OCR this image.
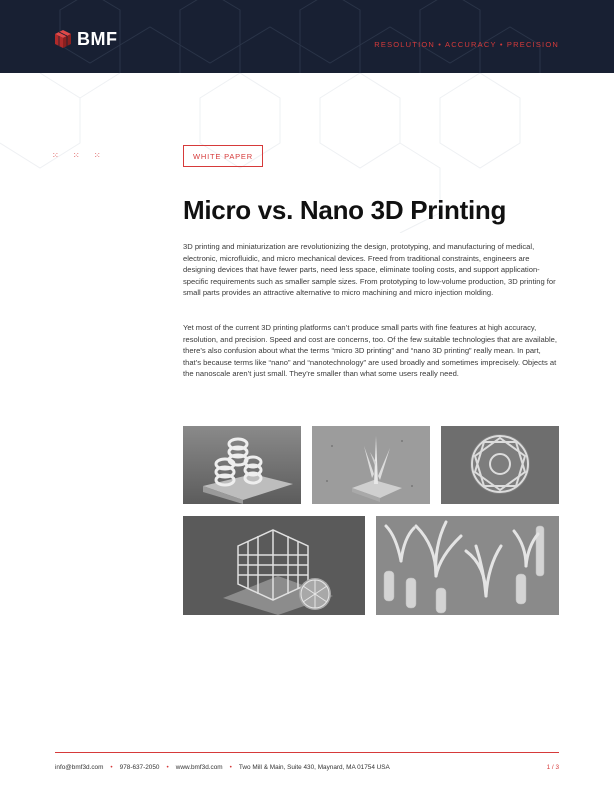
BMF	RESOLUTION • ACCURACY • PRECISION
⁙ ⁙ ⁙	WHITE PAPER
Micro vs. Nano 3D Printing

3D printing and miniaturization are revolutionizing the design, prototyping, and manufacturing of medical, electronic, microfluidic, and micro mechanical devices. Freed from traditional constraints, engineers are designing devices that have fewer parts, need less space, eliminate tooling costs, and support application-specific requirements such as smaller sample sizes. From prototyping to low-volume production, 3D printing for small parts provides an attractive alternative to micro machining and micro injection molding.

Yet most of the current 3D printing platforms can’t produce small parts with fine features at high accuracy, resolution, and precision. Speed and cost are concerns, too. Of the few suitable technologies that are available, there’s also confusion about what the terms “micro 3D printing” and “nano 3D printing” really mean. In part, that’s because terms like “nano” and “nanotechnology” are used broadly and sometimes imprecisely. Objects at the nanoscale aren’t just small. They’re smaller than what some users really need.

info@bmf3d.com • 978-637-2050 • www.bmf3d.com • Two Mill & Main, Suite 430, Maynard, MA 01754 USA	1 / 3
